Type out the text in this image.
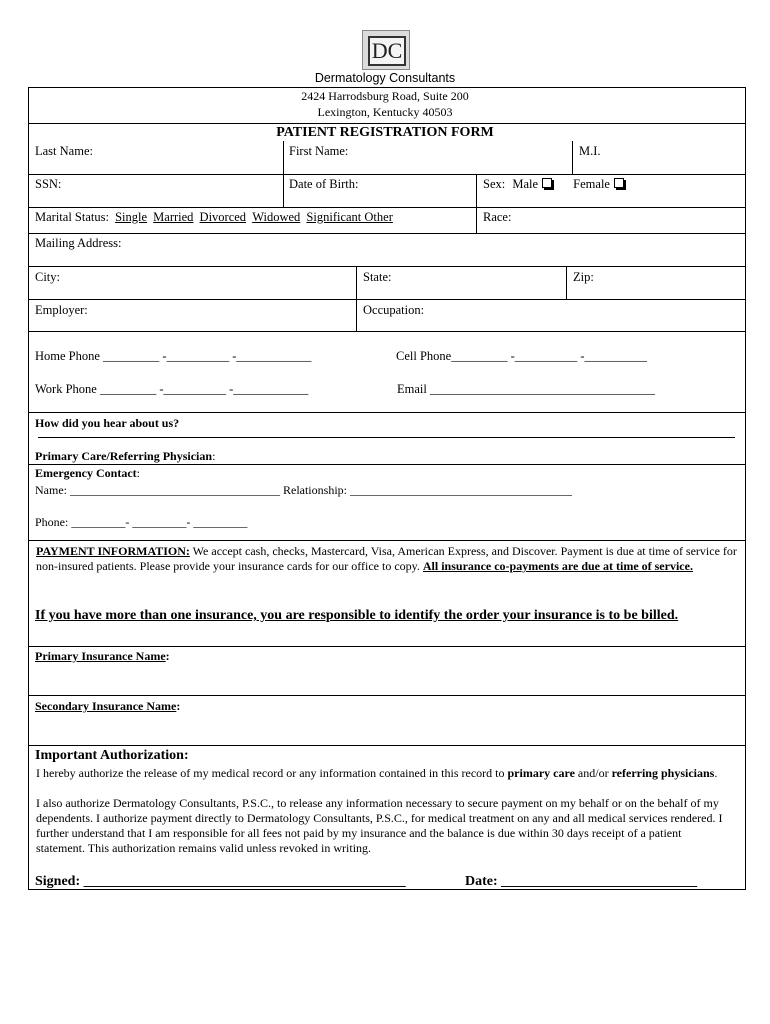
DC
Dermatology Consultants
2424 Harrodsburg Road, Suite 200
Lexington, Kentucky 40503
PATIENT REGISTRATION FORM
Last Name:	First Name:	M.I.
SSN:	Date of Birth:	Sex: Male	Female
Marital Status: Single Married Divorced Widowed Significant Other	Race:
Mailing Address:
City:	State:	Zip:
Employer:	Occupation:
Home Phone _________ -__________ -____________	Cell Phone_________ -__________ -__________
Work Phone _________ -__________ -____________	Email ____________________________________
How did you hear about us?
Primary Care/Referring Physician:
Emergency Contact:
Name: ___________________________________ Relationship: _____________________________________
Phone: _________- _________- _________
PAYMENT INFORMATION: We accept cash, checks, Mastercard, Visa, American Express, and Discover. Payment is due at time of service for non-insured patients. Please provide your insurance cards for our office to copy. All insurance co-payments are due at time of service.
If you have more than one insurance, you are responsible to identify the order your insurance is to be billed.
Primary Insurance Name:
Secondary Insurance Name:
Important Authorization:
I hereby authorize the release of my medical record or any information contained in this record to primary care and/or referring physicians.
I also authorize Dermatology Consultants, P.S.C., to release any information necessary to secure payment on my behalf or on the behalf of my dependents. I authorize payment directly to Dermatology Consultants, P.S.C., for medical treatment on any and all medical services rendered. I further understand that I am responsible for all fees not paid by my insurance and the balance is due within 30 days receipt of a patient statement. This authorization remains valid unless revoked in writing.
Signed: ______________________________________________	Date: ____________________________
